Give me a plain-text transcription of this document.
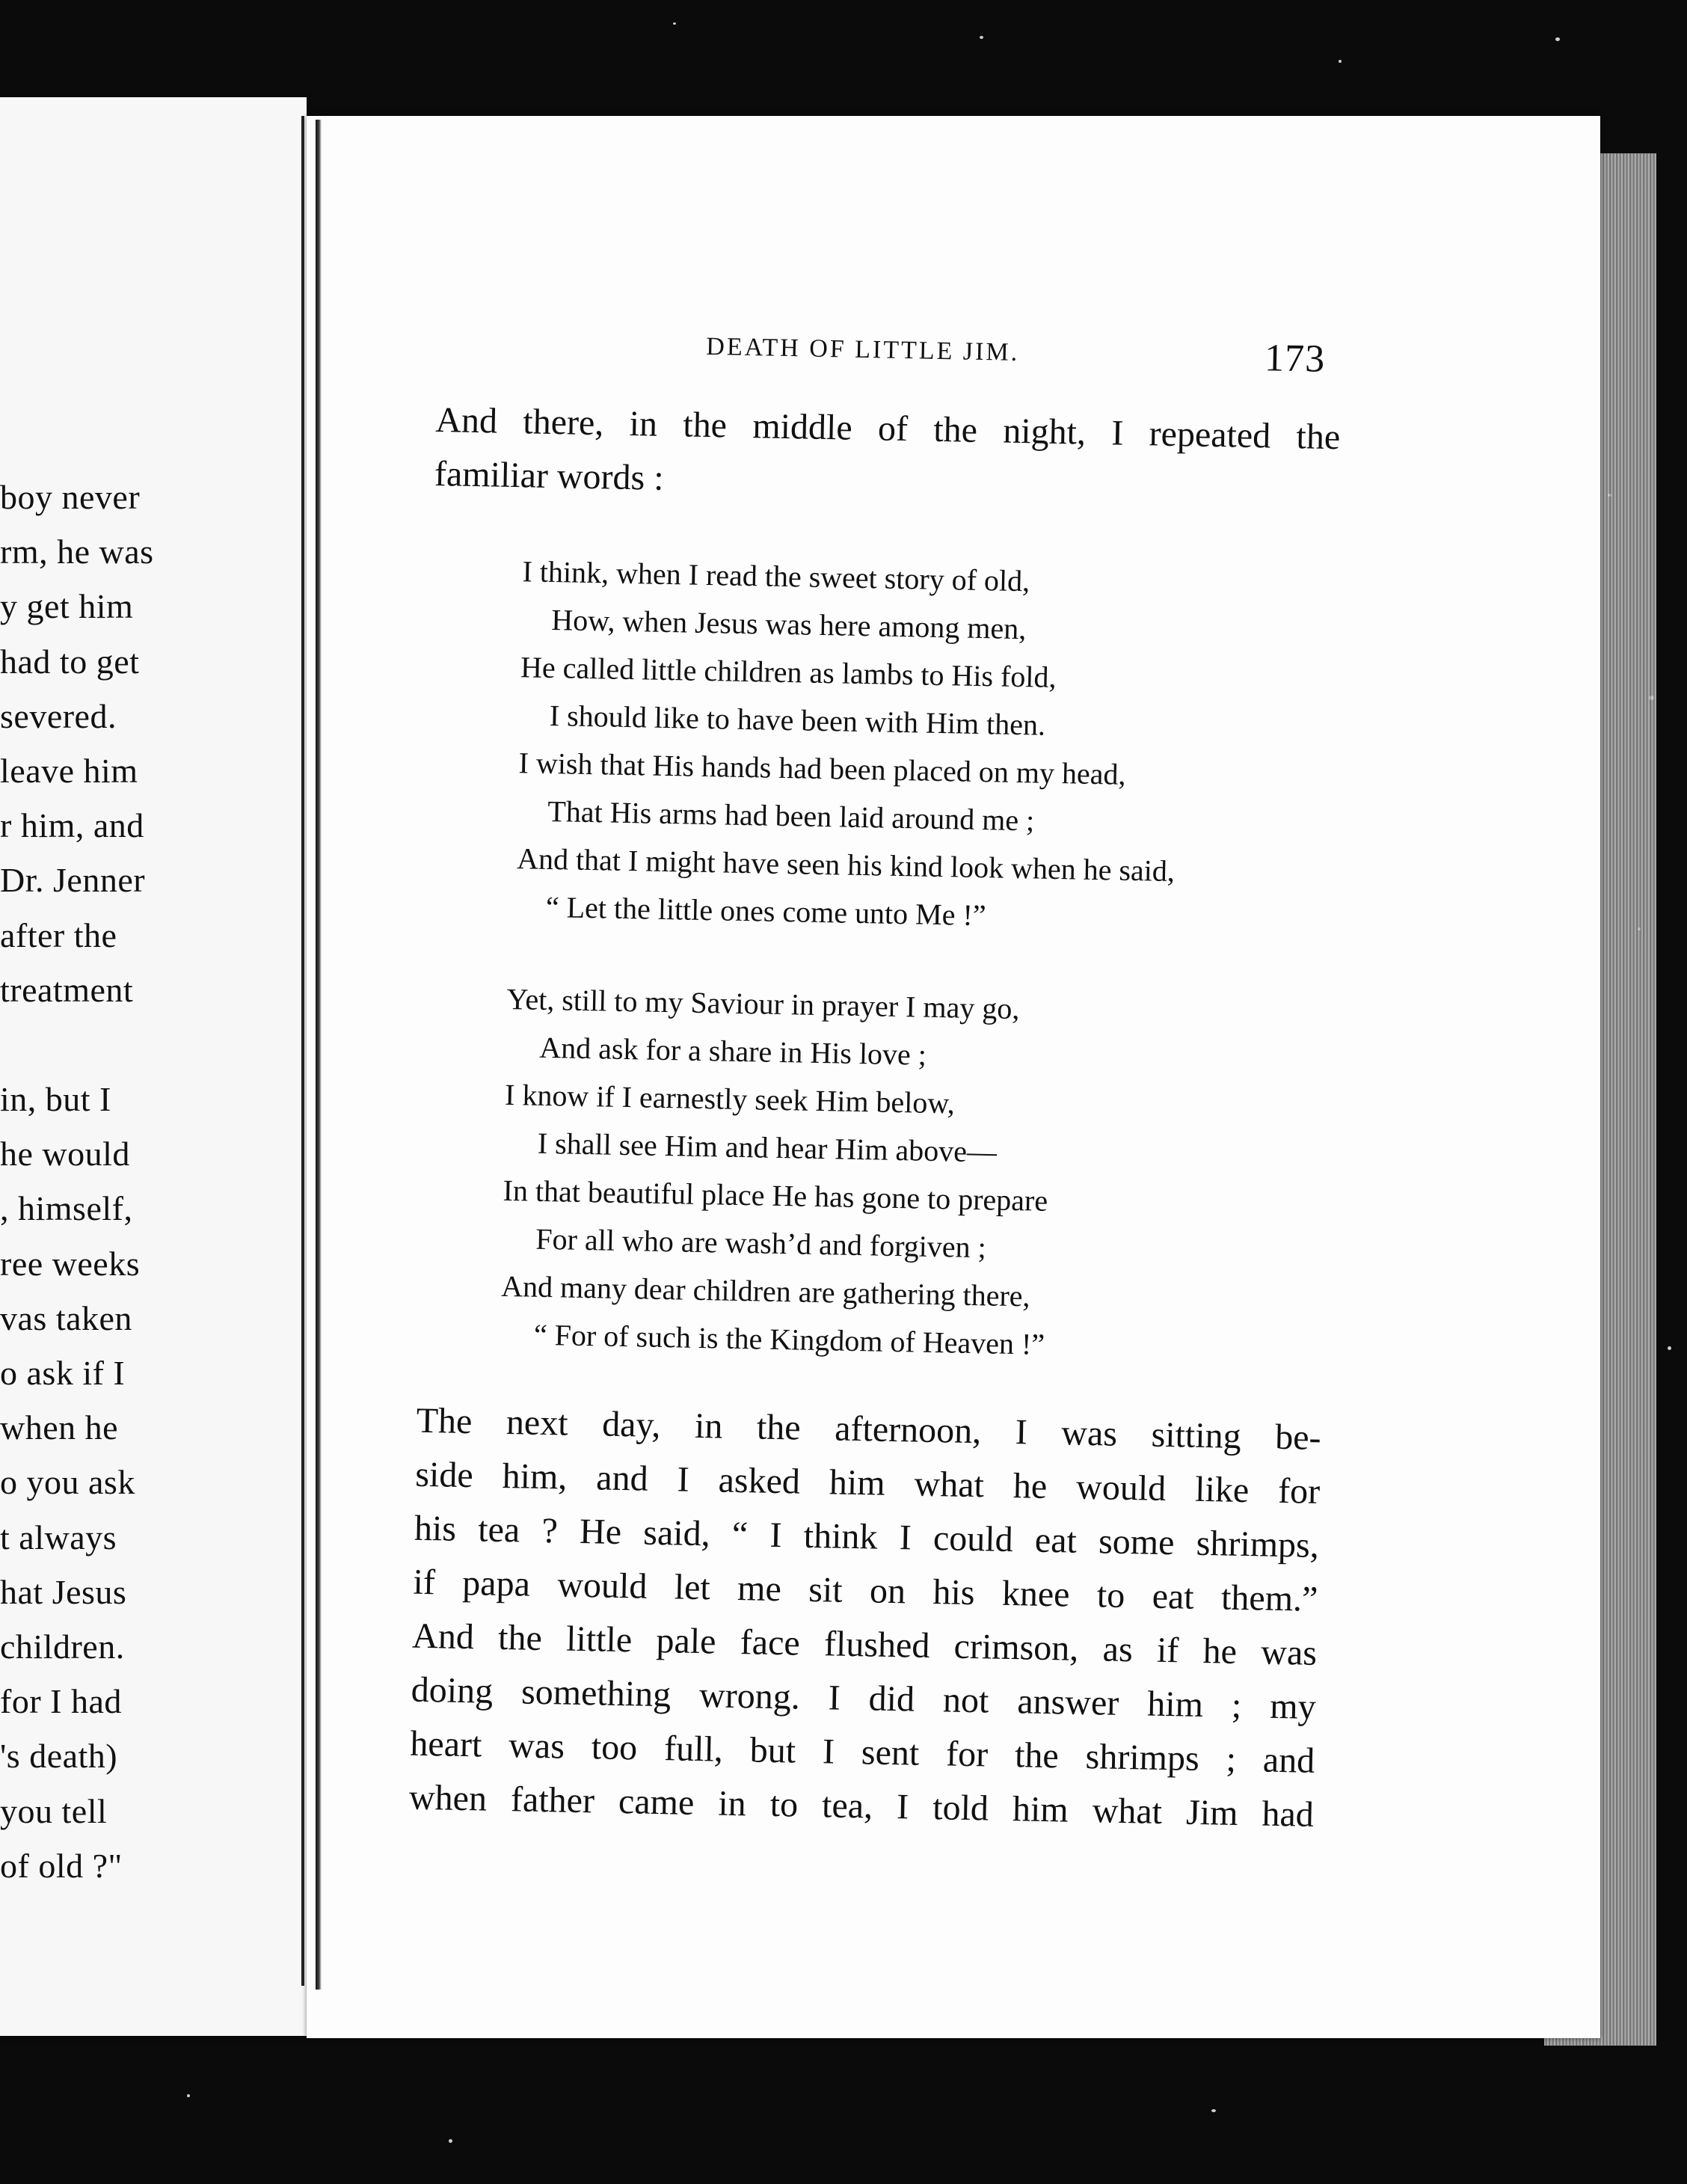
boy never
rm, he was
y get him
had to get
severed.
leave him
r him, and
Dr. Jenner
after the
treatment
in, but I
he would
, himself,
ree weeks
vas taken
o ask if I
when he
o you ask
t always
hat Jesus
children.
for I had
's death)
you tell
of old ?"
DEATH OF LITTLE JIM.	173

And there, in the middle of the night, I repeated the

familiar words :

I think, when I read the sweet story of old,
How, when Jesus was here among men,
He called little children as lambs to His fold,
I should like to have been with Him then.
I wish that His hands had been placed on my head,
That His arms had been laid around me ;
And that I might have seen his kind look when he said,
“ Let the little ones come unto Me !”
Yet, still to my Saviour in prayer I may go,
And ask for a share in His love ;
I know if I earnestly seek Him below,
I shall see Him and hear Him above—
In that beautiful place He has gone to prepare
For all who are wash’d and forgiven ;
And many dear children are gathering there,
“ For of such is the Kingdom of Heaven !”

The next day, in the afternoon, I was sitting be-

side him, and I asked him what he would like for

his tea ? He said, “ I think I could eat some shrimps,

if papa would let me sit on his knee to eat them.”

And the little pale face flushed crimson, as if he was

doing something wrong. I did not answer him ; my

heart was too full, but I sent for the shrimps ; and

when father came in to tea, I told him what Jim had
